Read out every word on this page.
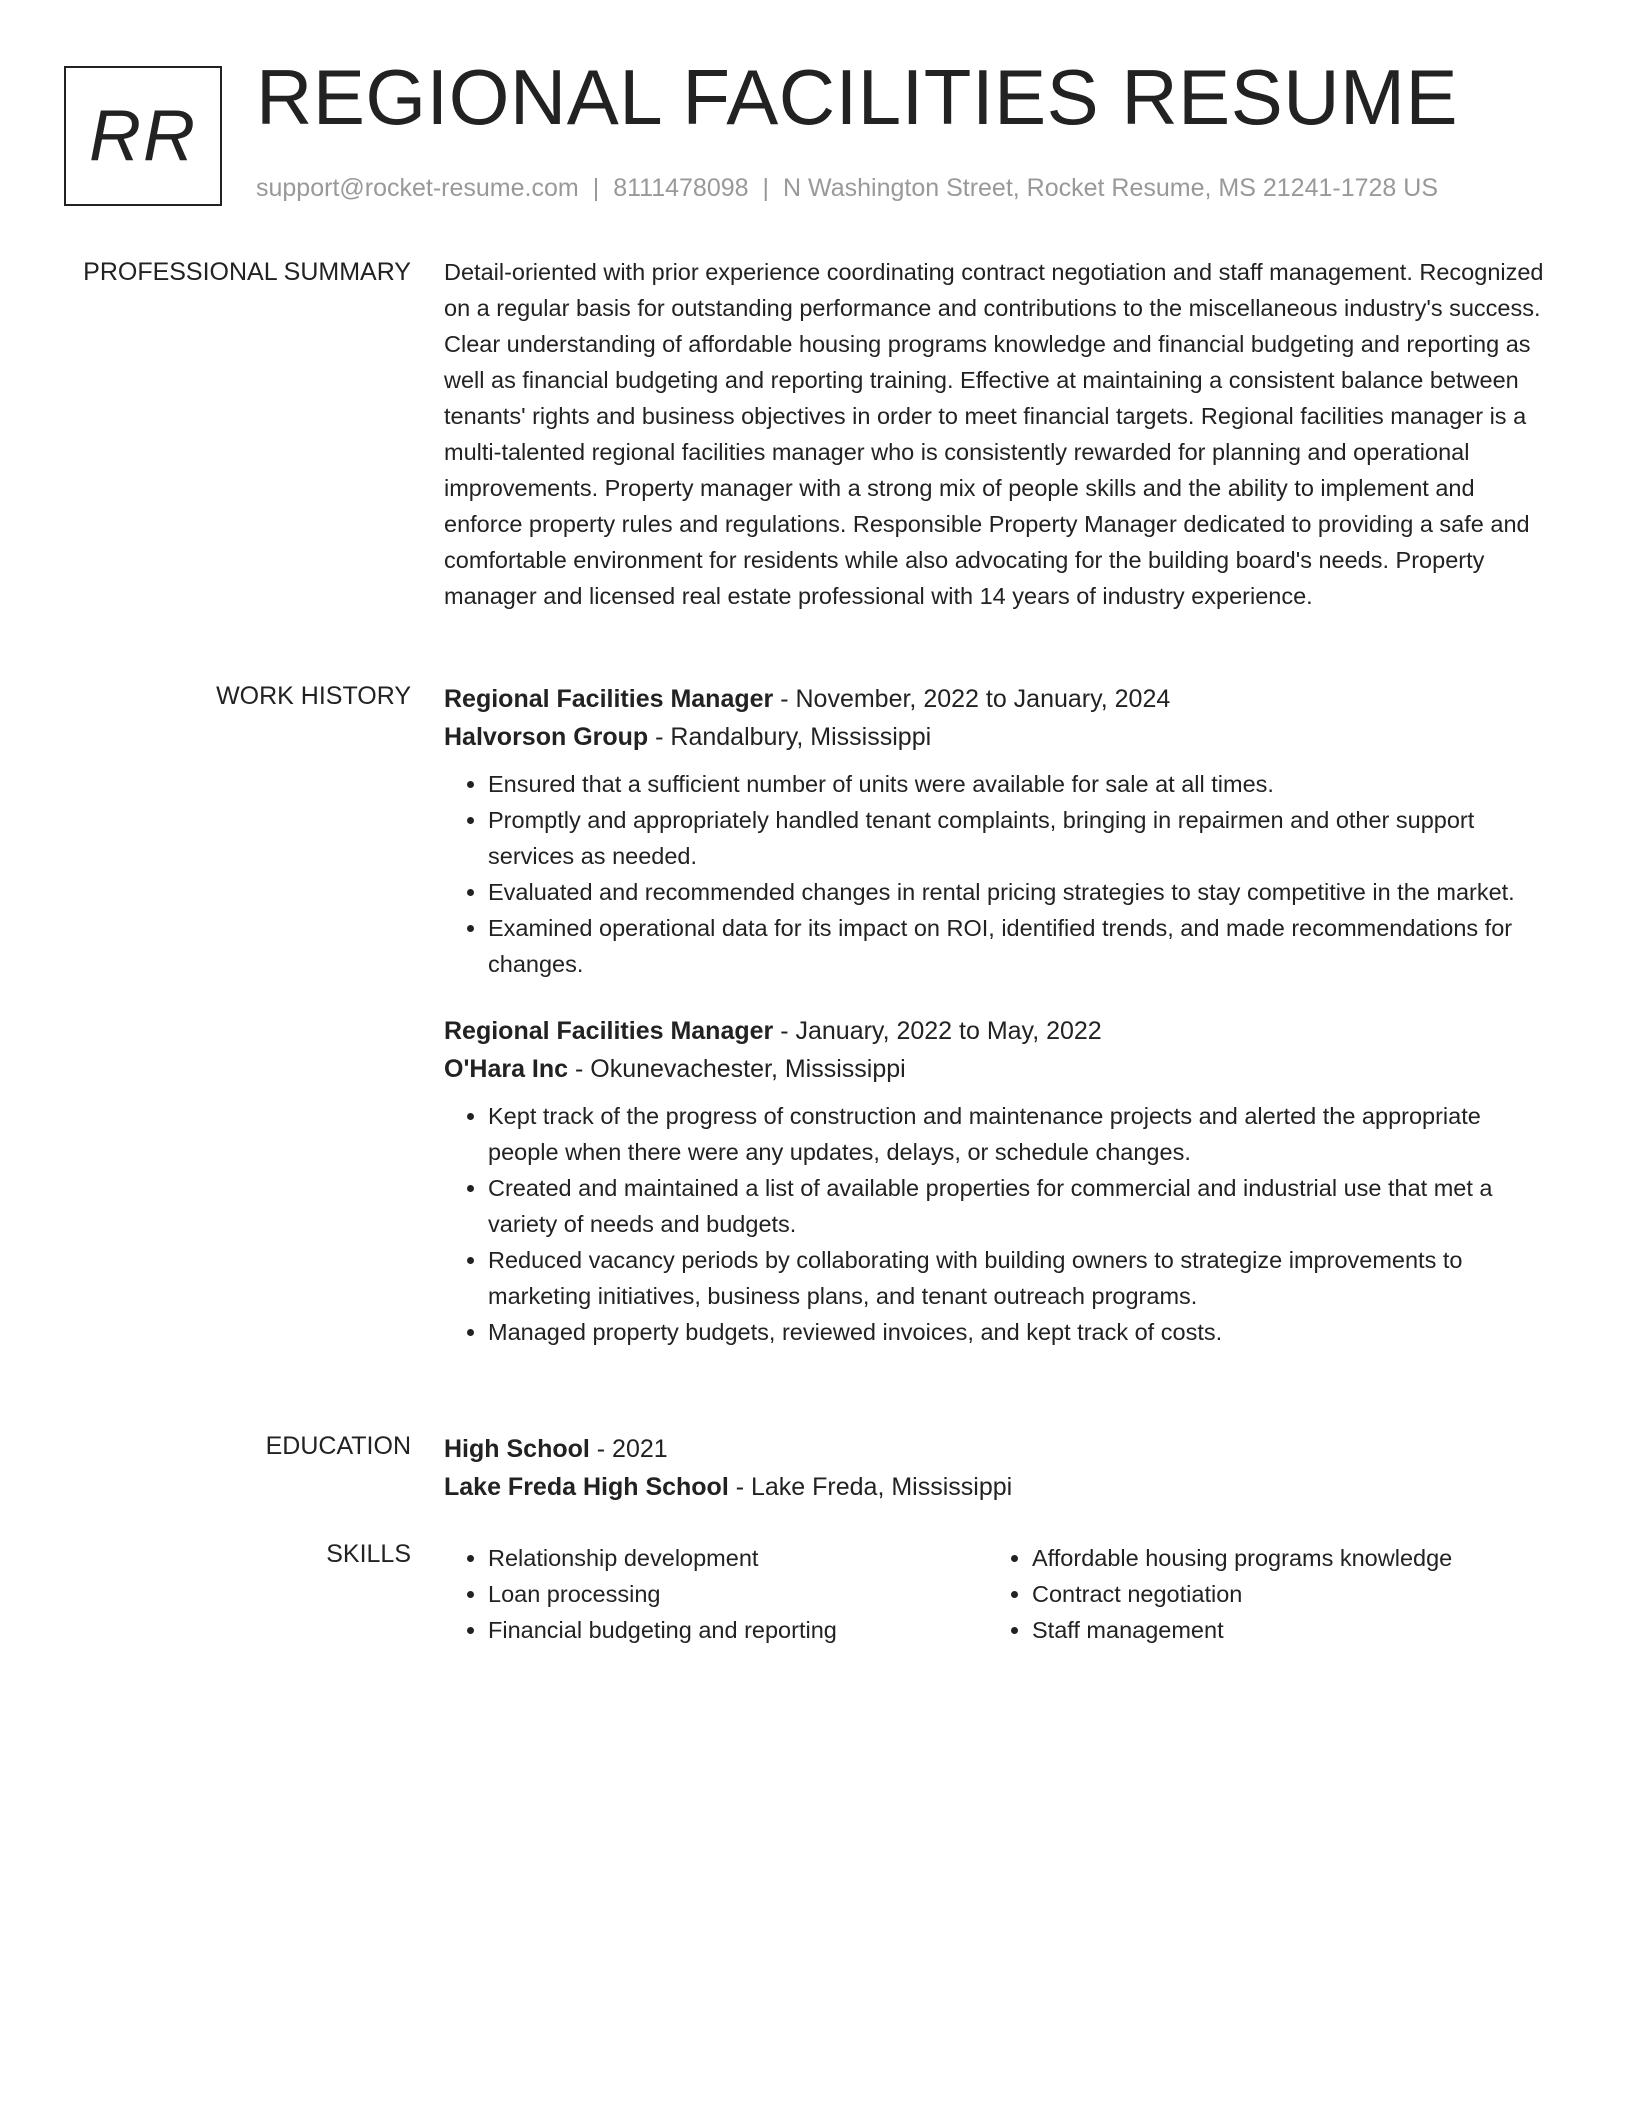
RR REGIONAL FACILITIES RESUME
support@rocket-resume.com | 8111478098 | N Washington Street, Rocket Resume, MS 21241-1728 US
PROFESSIONAL SUMMARY Detail-oriented with prior experience coordinating contract negotiation and staff management. Recognized on a regular basis for outstanding performance and contributions to the miscellaneous industry's success. Clear understanding of affordable housing programs knowledge and financial budgeting and reporting as well as financial budgeting and reporting training. Effective at maintaining a consistent balance between tenants' rights and business objectives in order to meet financial targets. Regional facilities manager is a multi-talented regional facilities manager who is consistently rewarded for planning and operational improvements. Property manager with a strong mix of people skills and the ability to implement and enforce property rules and regulations. Responsible Property Manager dedicated to providing a safe and comfortable environment for residents while also advocating for the building board's needs. Property manager and licensed real estate professional with 14 years of industry experience.

WORK HISTORY Regional Facilities Manager - November, 2022 to January, 2024
Halvorson Group - Randalbury, Mississippi
• Ensured that a sufficient number of units were available for sale at all times.
• Promptly and appropriately handled tenant complaints, bringing in repairmen and other support services as needed.
• Evaluated and recommended changes in rental pricing strategies to stay competitive in the market.
• Examined operational data for its impact on ROI, identified trends, and made recommendations for changes.
Regional Facilities Manager - January, 2022 to May, 2022
O'Hara Inc - Okunevachester, Mississippi
• Kept track of the progress of construction and maintenance projects and alerted the appropriate people when there were any updates, delays, or schedule changes.
• Created and maintained a list of available properties for commercial and industrial use that met a variety of needs and budgets.
• Reduced vacancy periods by collaborating with building owners to strategize improvements to marketing initiatives, business plans, and tenant outreach programs.
• Managed property budgets, reviewed invoices, and kept track of costs.
EDUCATION High School - 2021
Lake Freda High School - Lake Freda, Mississippi
SKILLS
•	Relationship development
• Loan processing
• Financial budgeting and reporting
• Affordable housing programs knowledge
• Contract negotiation
• Staff management
